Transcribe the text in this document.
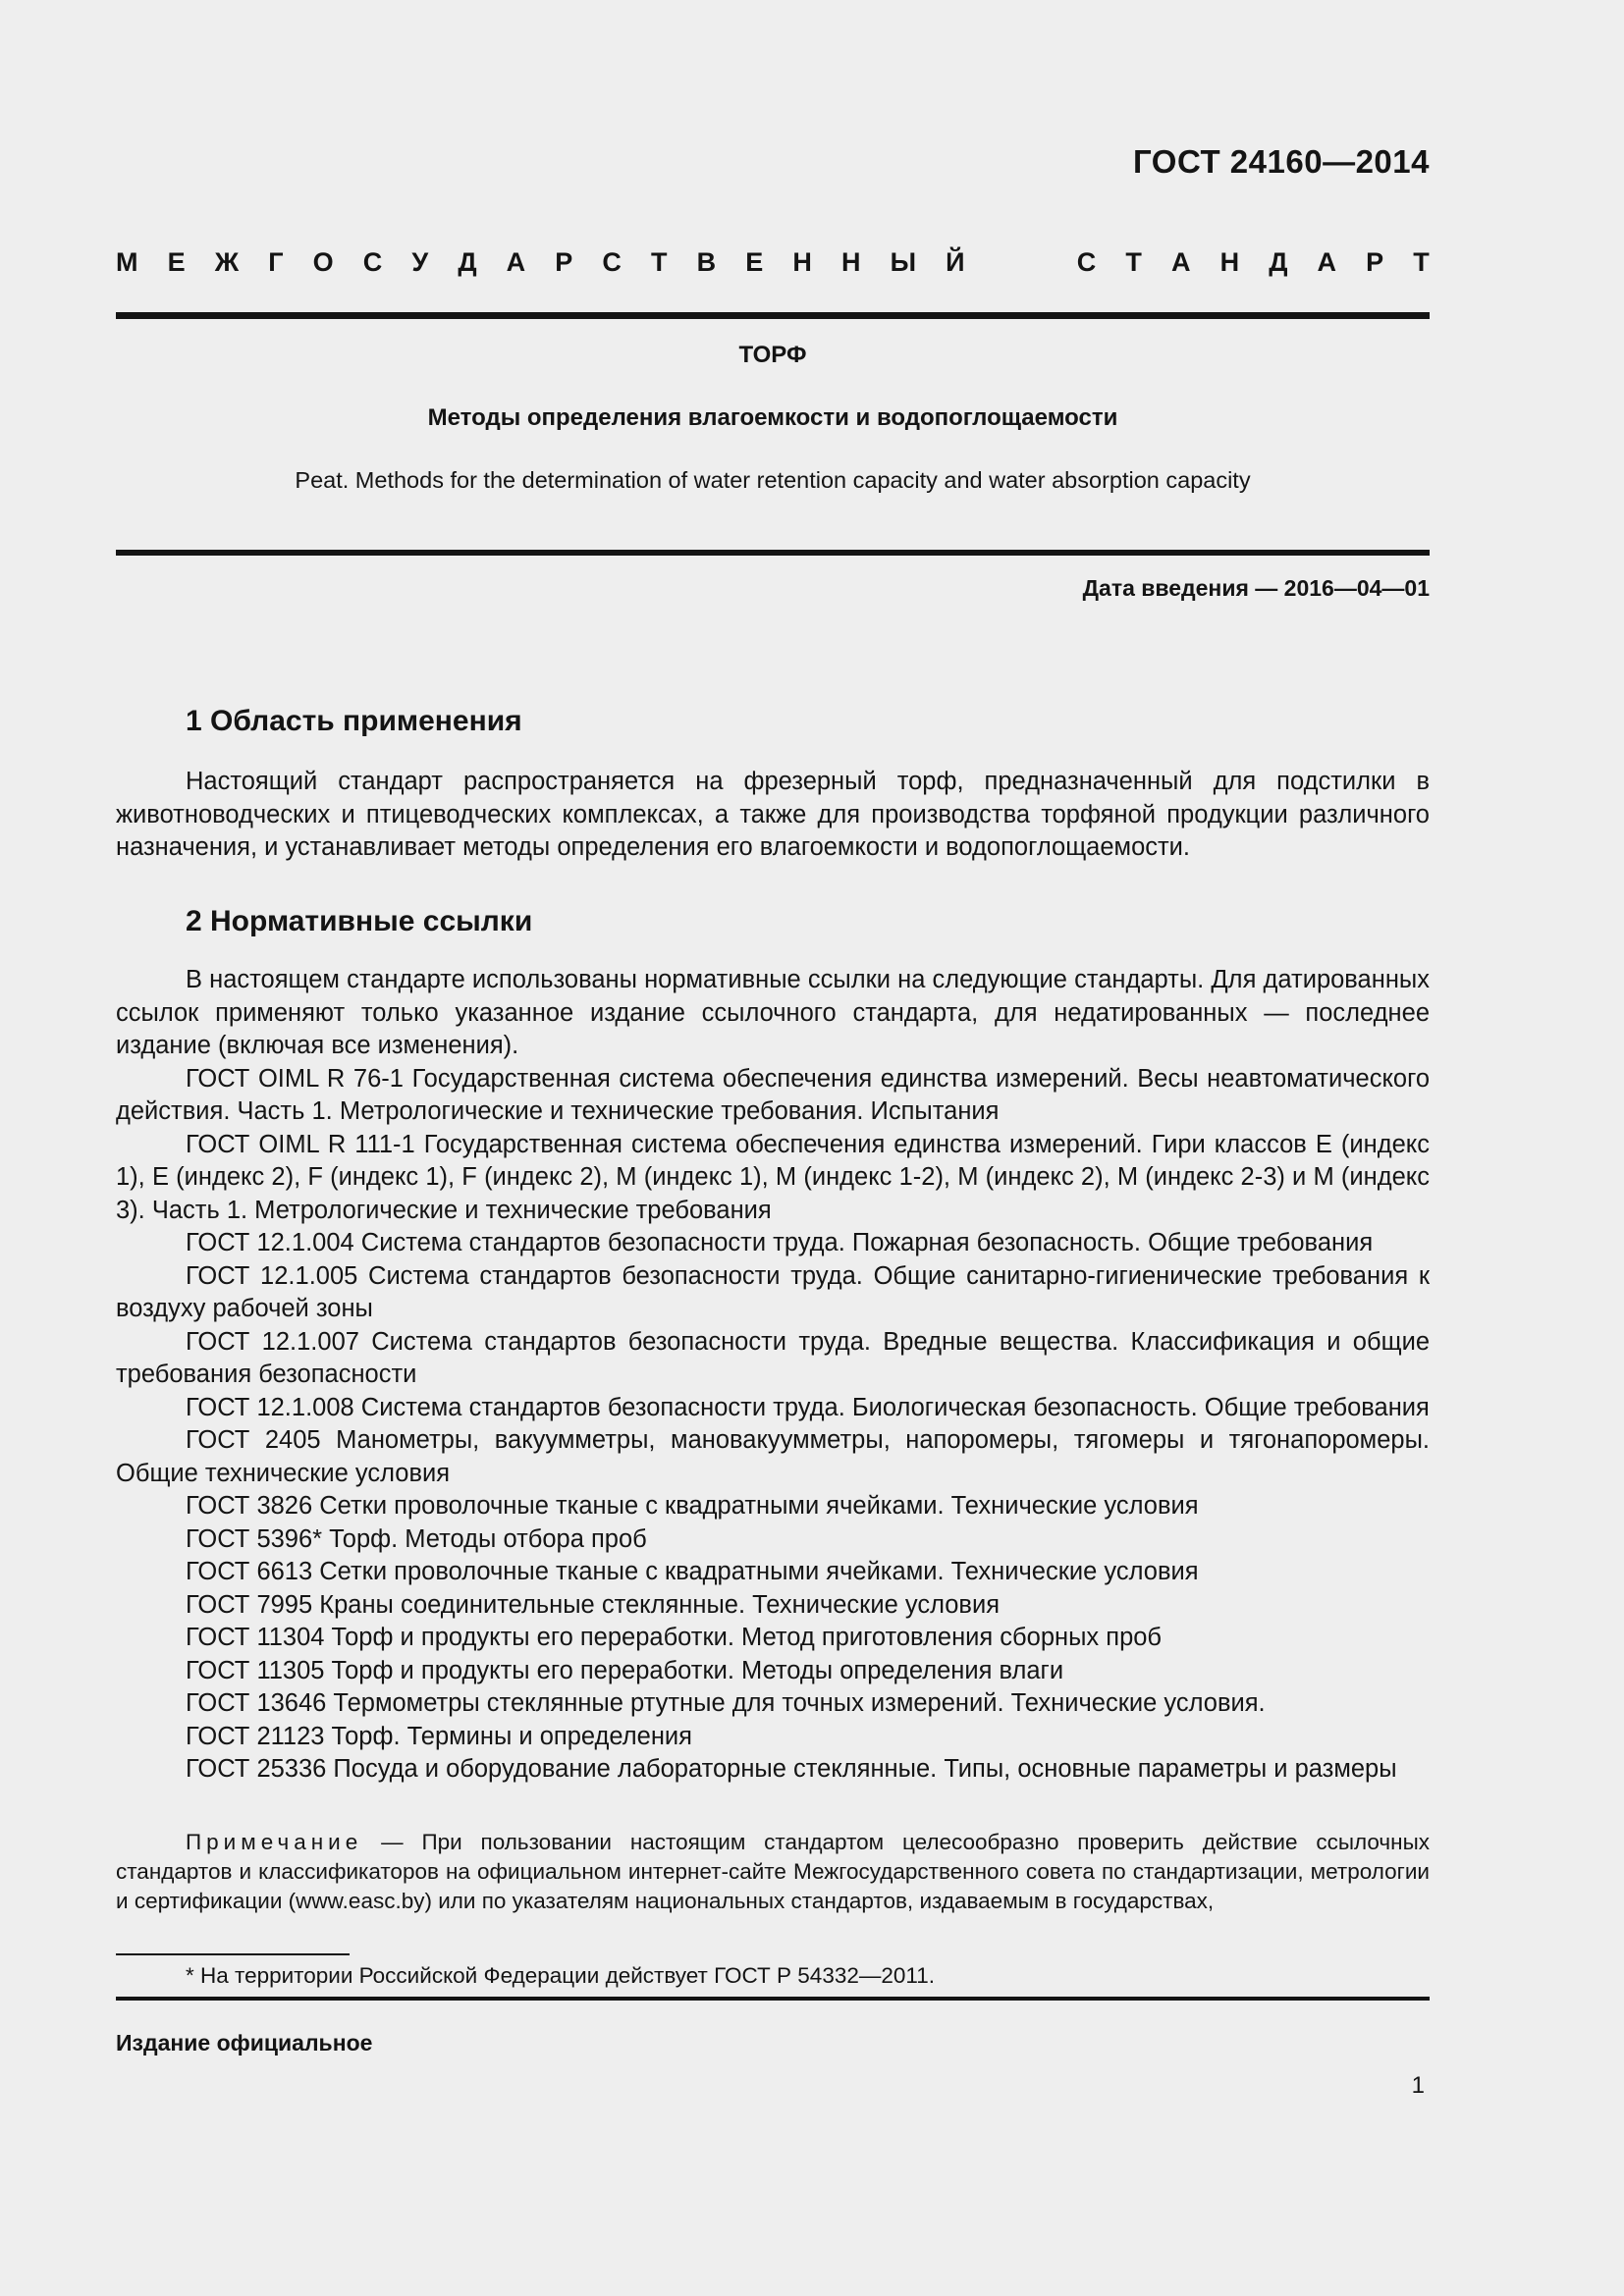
ГОСТ 24160—2014
М Е Ж Г О С У Д А Р С Т В Е Н Н Ы Й	С Т А Н Д А Р Т
ТОРФ
Методы определения влагоемкости и водопоглощаемости
Peat. Methods for the determination of water retention capacity and water absorption capacity
Дата введения — 2016—04—01
1 Область применения

Настоящий стандарт распространяется на фрезерный торф, предназначенный для подстилки в животноводческих и птицеводческих комплексах, а также для производства торфяной продукции различного назначения, и устанавливает методы определения его влагоемкости и водопоглощаемости.

2 Нормативные ссылки

В настоящем стандарте использованы нормативные ссылки на следующие стандарты. Для датированных ссылок применяют только указанное издание ссылочного стандарта, для недатированных — последнее издание (включая все изменения).

ГОСТ OIML R 76-1 Государственная система обеспечения единства измерений. Весы неавтоматического действия. Часть 1. Метрологические и технические требования. Испытания

ГОСТ OIML R 111-1 Государственная система обеспечения единства измерений. Гири классов E (индекс 1), E (индекс 2), F (индекс 1), F (индекс 2), M (индекс 1), M (индекс 1-2), M (индекс 2), M (индекс 2-3) и M (индекс 3). Часть 1. Метрологические и технические требования

ГОСТ 12.1.004 Система стандартов безопасности труда. Пожарная безопасность. Общие требования

ГОСТ 12.1.005 Система стандартов безопасности труда. Общие санитарно-гигиенические требования к воздуху рабочей зоны

ГОСТ 12.1.007 Система стандартов безопасности труда. Вредные вещества. Классификация и общие требования безопасности

ГОСТ 12.1.008 Система стандартов безопасности труда. Биологическая безопасность. Общие требования

ГОСТ 2405 Манометры, вакуумметры, мановакуумметры, напоромеры, тягомеры и тягонапоромеры. Общие технические условия

ГОСТ 3826 Сетки проволочные тканые с квадратными ячейками. Технические условия

ГОСТ 5396* Торф. Методы отбора проб

ГОСТ 6613 Сетки проволочные тканые с квадратными ячейками. Технические условия

ГОСТ 7995 Краны соединительные стеклянные. Технические условия

ГОСТ 11304 Торф и продукты его переработки. Метод приготовления сборных проб

ГОСТ 11305 Торф и продукты его переработки. Методы определения влаги

ГОСТ 13646 Термометры стеклянные ртутные для точных измерений. Технические условия.

ГОСТ 21123 Торф. Термины и определения

ГОСТ 25336 Посуда и оборудование лабораторные стеклянные. Типы, основные параметры и размеры

Примечание — При пользовании настоящим стандартом целесообразно проверить действие ссылочных стандартов и классификаторов на официальном интернет-сайте Межгосударственного совета по стандартизации, метрологии и сертификации (www.easc.by) или по указателям национальных стандартов, издаваемым в государствах,

* На территории Российской Федерации действует ГОСТ Р 54332—2011.
Издание официальное
1
